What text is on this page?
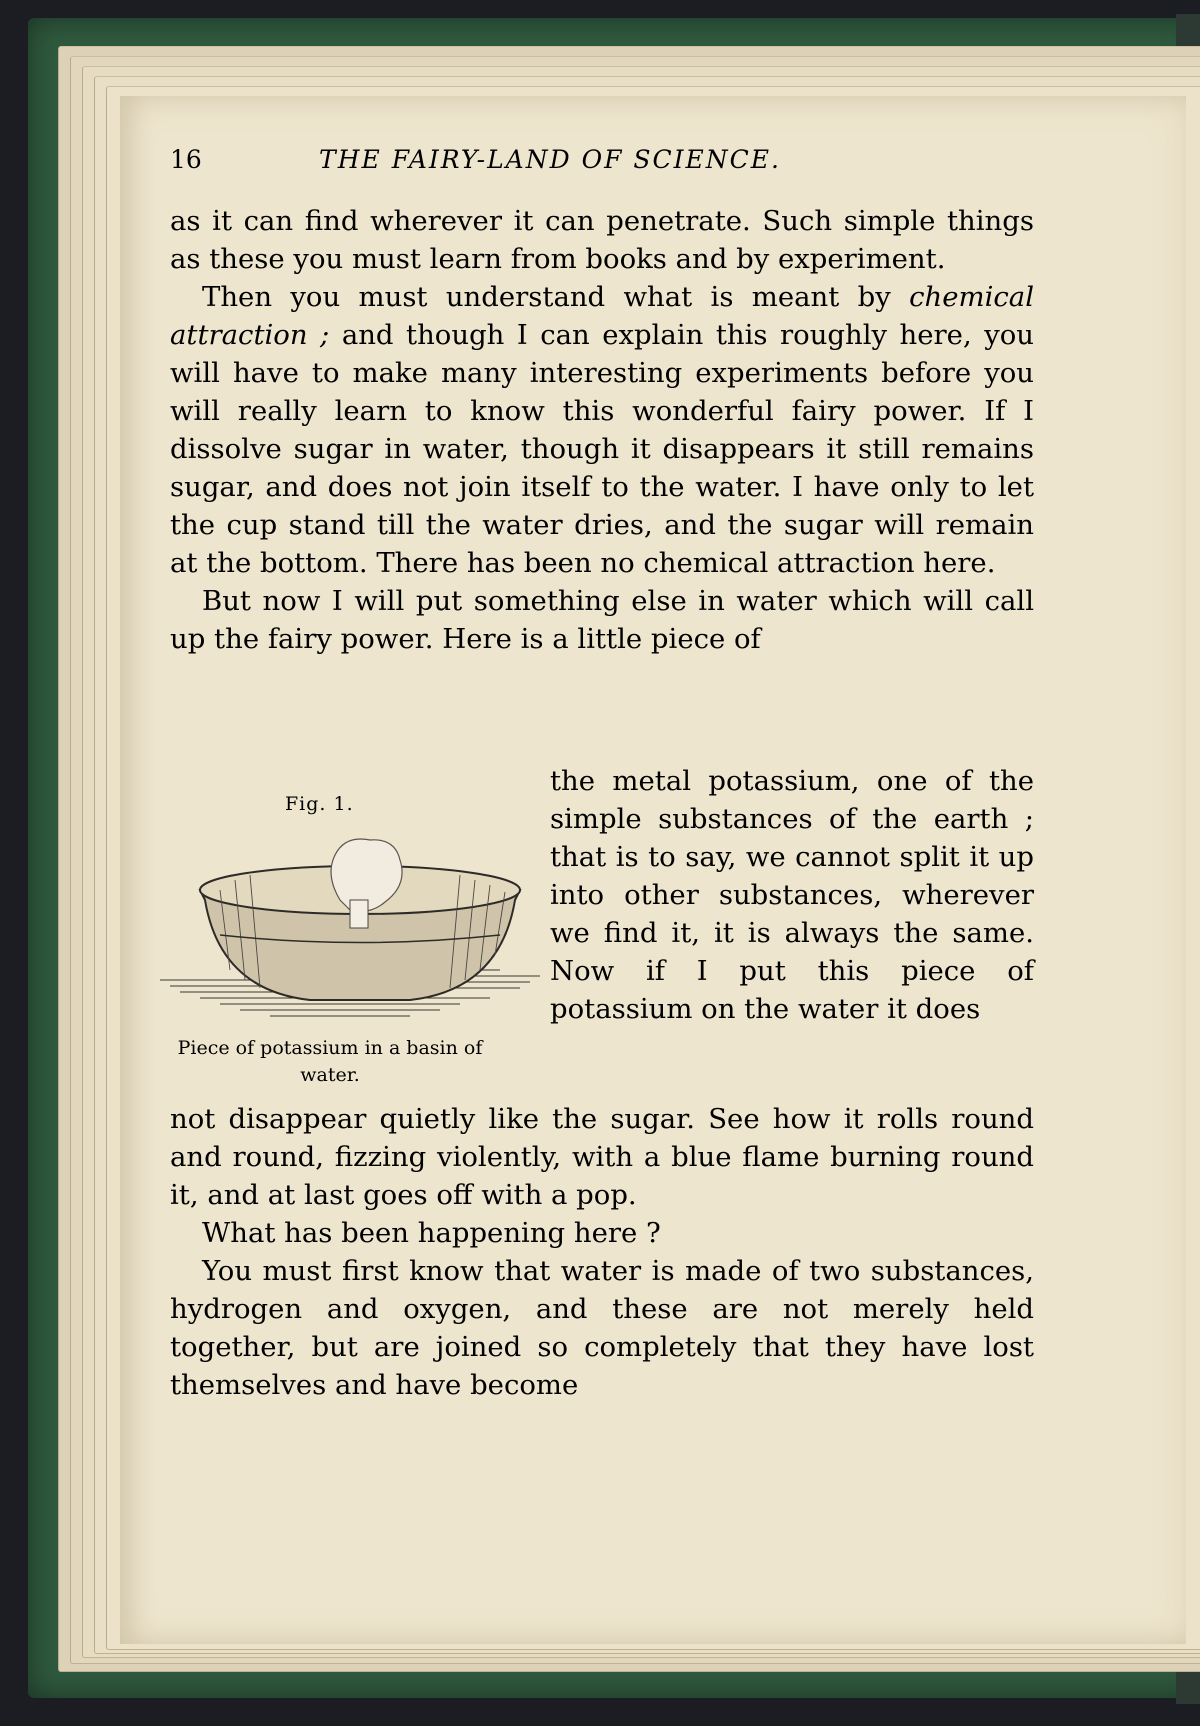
16	THE FAIRY-LAND OF SCIENCE.

as it can find wherever it can penetrate. Such simple things as these you must learn from books and by experiment.

Then you must understand what is meant by chemical attraction ; and though I can explain this roughly here, you will have to make many interesting experiments before you will really learn to know this wonderful fairy power. If I dissolve sugar in water, though it disappears it still remains sugar, and does not join itself to the water. I have only to let the cup stand till the water dries, and the sugar will remain at the bottom. There has been no chemical attraction here.

But now I will put something else in water which will call up the fairy power. Here is a little piece of

Fig. 1.
Piece of potassium in a basin of water.

the metal potassium, one of the simple substances of the earth ; that is to say, we cannot split it up into other substances, wherever we find it, it is always the same. Now if I put this piece of potassium on the water it does

not disappear quietly like the sugar. See how it rolls round and round, fizzing violently, with a blue flame burning round it, and at last goes off with a pop.

What has been happening here ?

You must first know that water is made of two substances, hydrogen and oxygen, and these are not merely held together, but are joined so completely that they have lost themselves and have become
